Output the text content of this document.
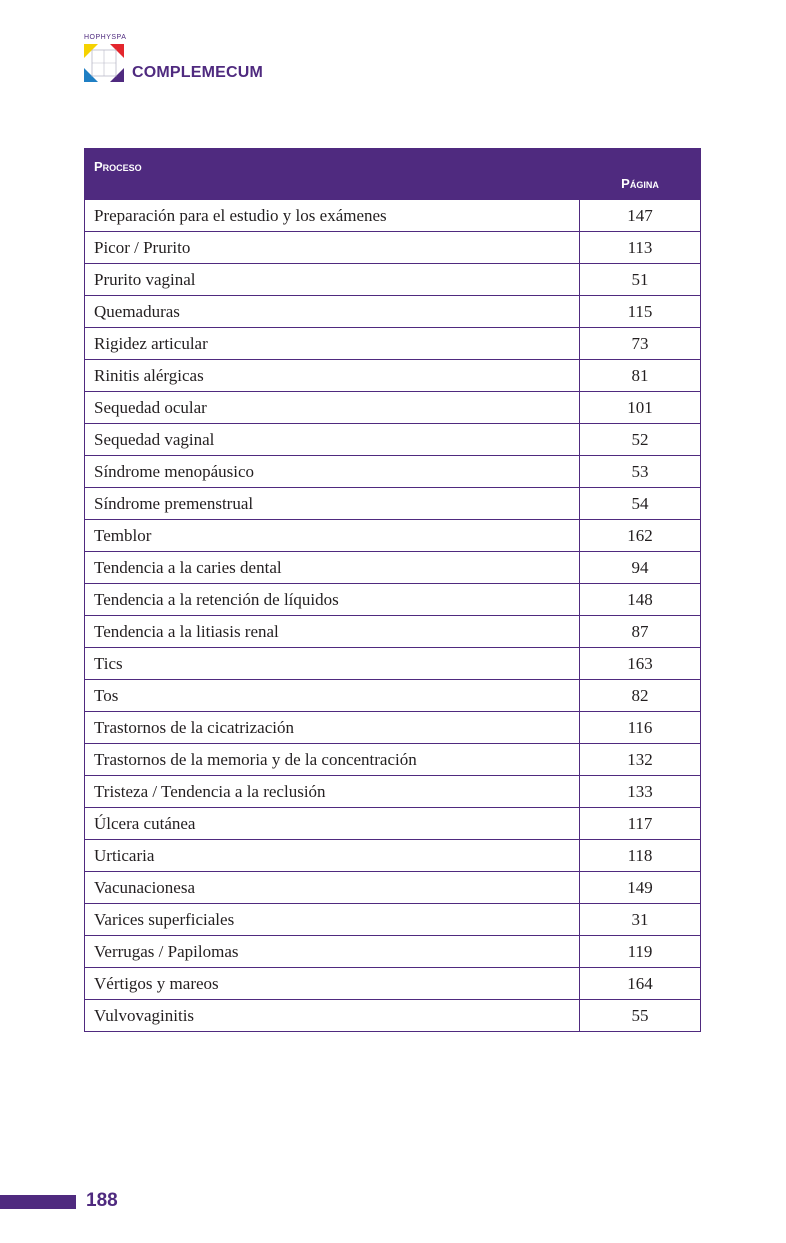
HOPHYSPA
COMPLEMECUM
Proceso	Página
Preparación para el estudio y los exámenes	147
Picor / Prurito	113
Prurito vaginal	51
Quemaduras	115
Rigidez articular	73
Rinitis alérgicas	81
Sequedad ocular	101
Sequedad vaginal	52
Síndrome menopáusico	53
Síndrome premenstrual	54
Temblor	162
Tendencia a la caries dental	94
Tendencia a la retención de líquidos	148
Tendencia a la litiasis renal	87
Tics	163
Tos	82
Trastornos de la cicatrización	116
Trastornos de la memoria y de la concentración	132
Tristeza / Tendencia a la reclusión	133
Úlcera cutánea	117
Urticaria	118
Vacunacionesa	149
Varices superficiales	31
Verrugas / Papilomas	119
Vértigos y mareos	164
Vulvovaginitis	55
188
